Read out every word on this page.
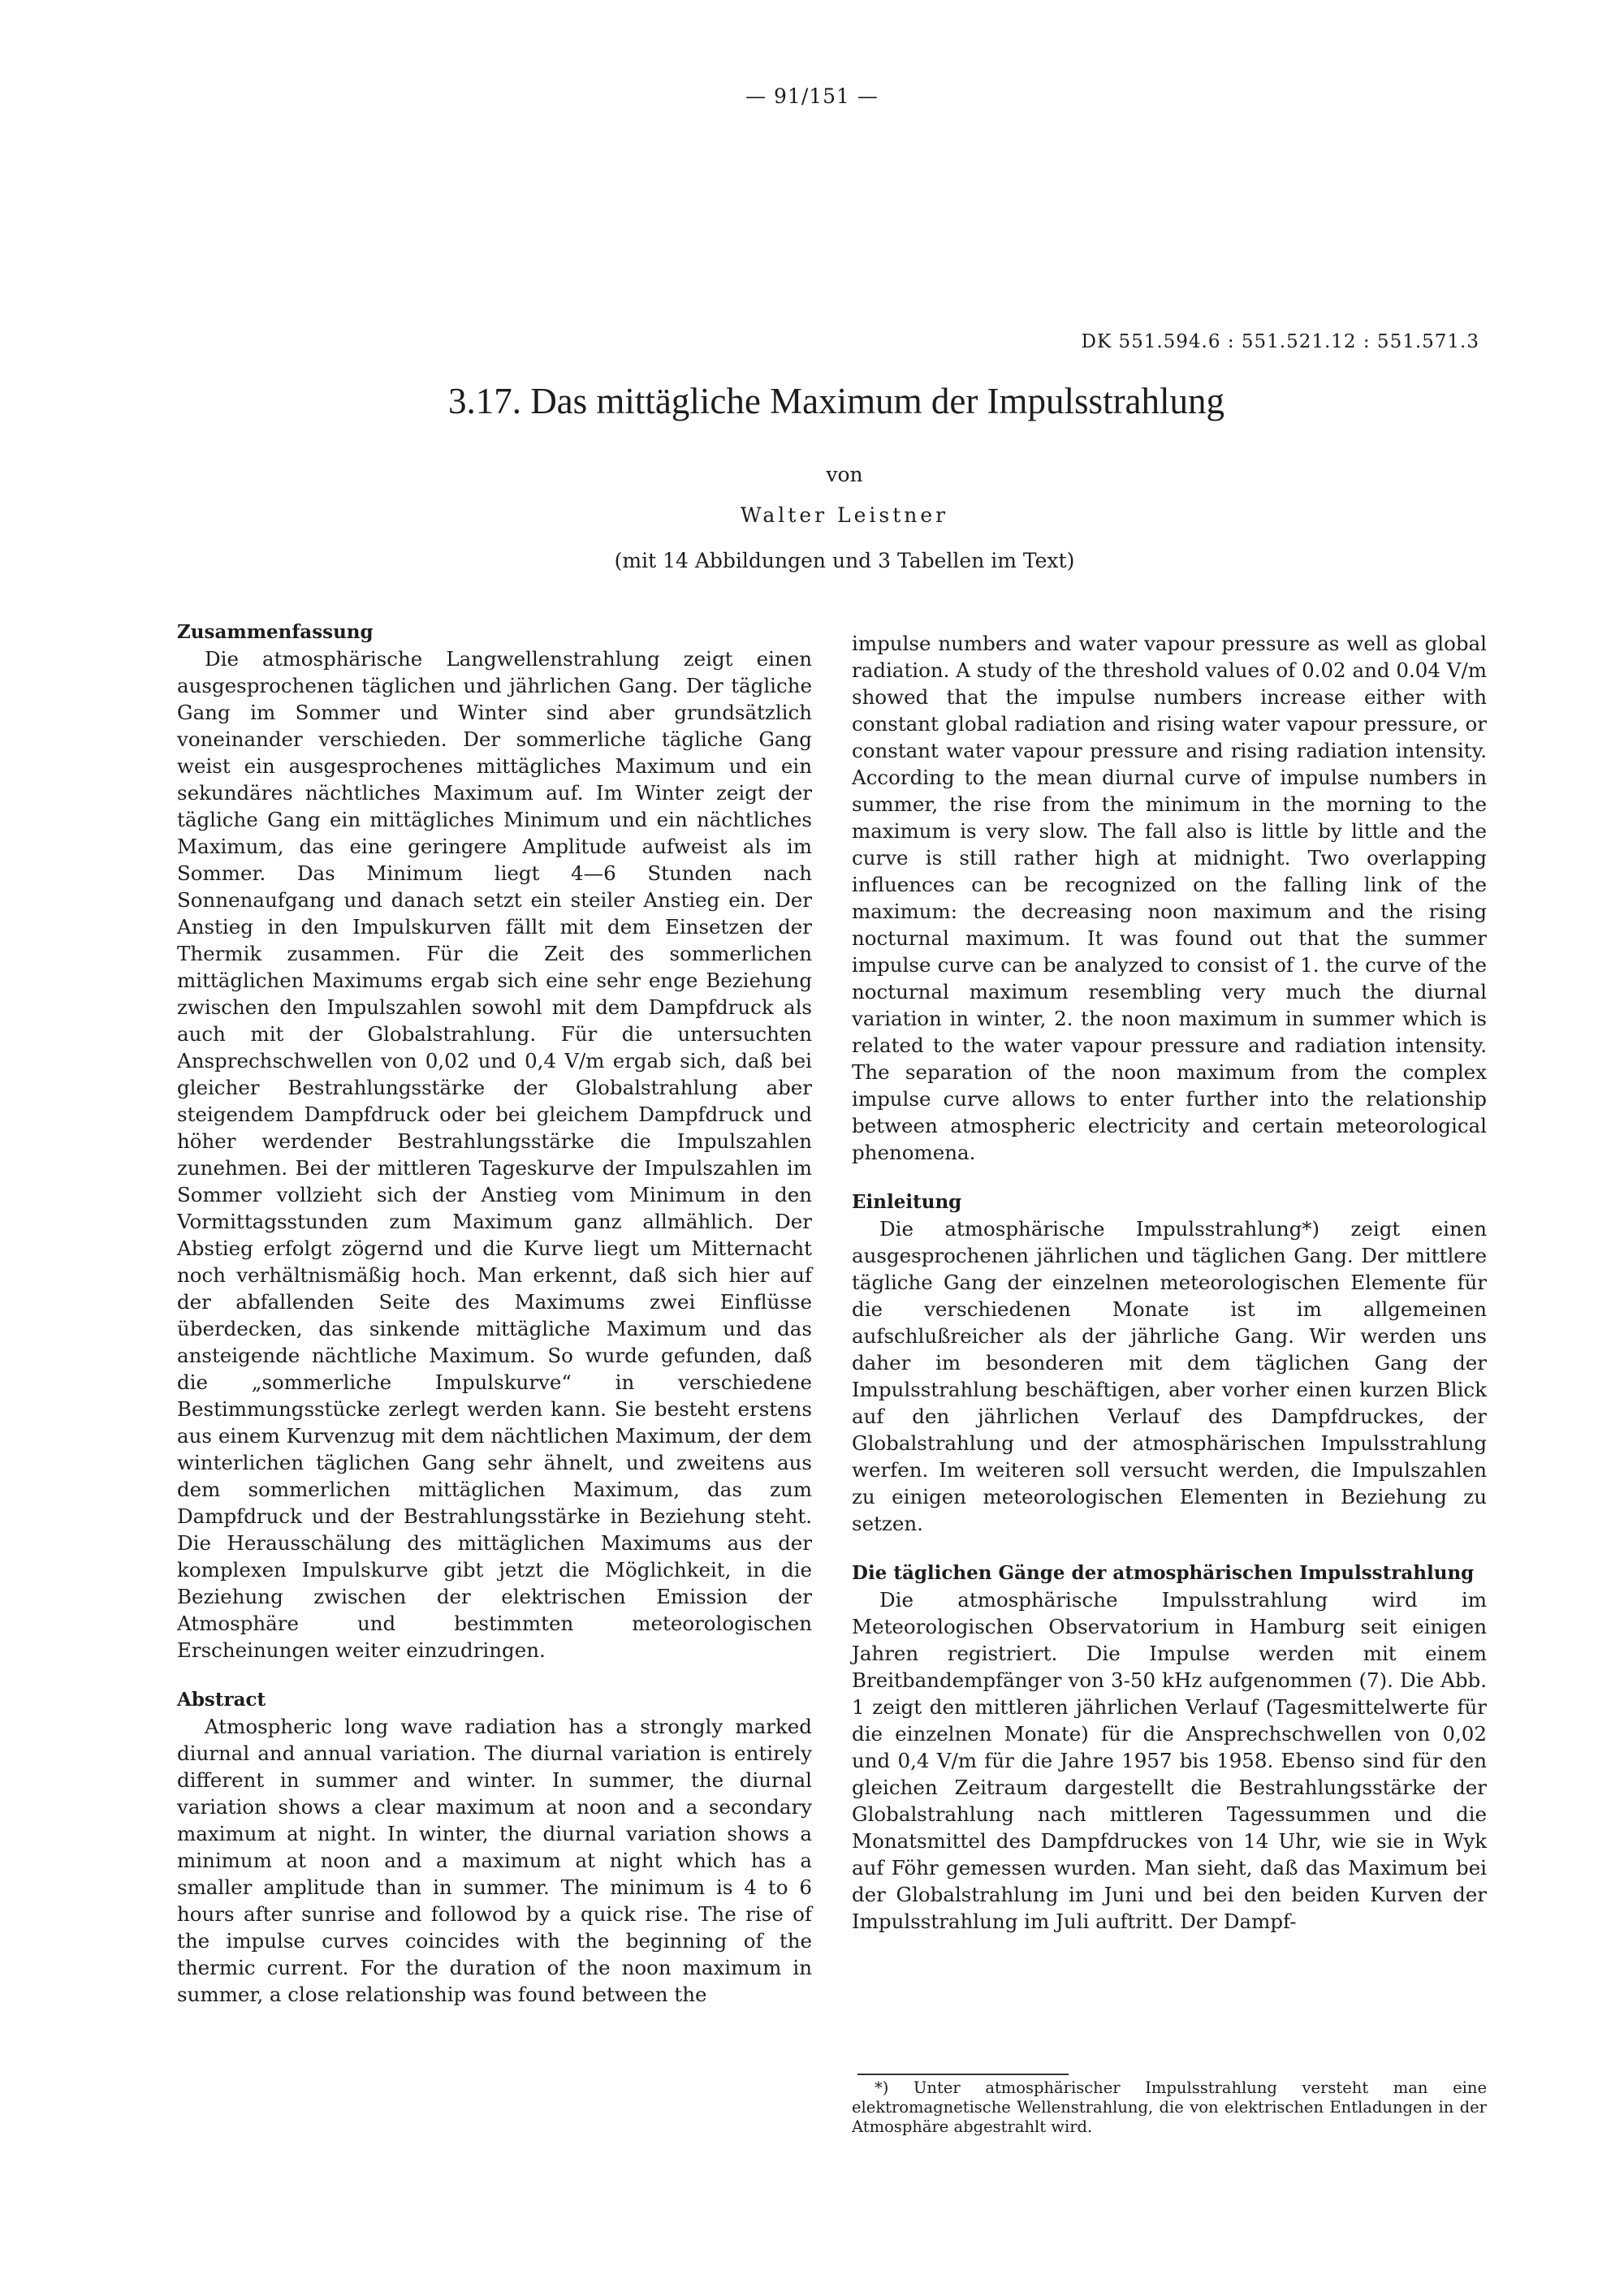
— 91/151 —
DK 551.594.6 : 551.521.12 : 551.571.3
3.17. Das mittägliche Maximum der Impulsstrahlung
von
Walter Leistner
(mit 14 Abbildungen und 3 Tabellen im Text)
Zusammenfassung

Die atmosphärische Langwellenstrahlung zeigt einen ausgesprochenen täglichen und jährlichen Gang. Der tägliche Gang im Sommer und Winter sind aber grundsätzlich voneinander verschieden. Der sommerliche tägliche Gang weist ein ausgesprochenes mittägliches Maximum und ein sekundäres nächtliches Maximum auf. Im Winter zeigt der tägliche Gang ein mittägliches Minimum und ein nächtliches Maximum, das eine geringere Amplitude aufweist als im Sommer. Das Minimum liegt 4—6 Stunden nach Sonnenaufgang und danach setzt ein steiler Anstieg ein. Der Anstieg in den Impulskurven fällt mit dem Einsetzen der Thermik zusammen. Für die Zeit des sommerlichen mittäglichen Maximums ergab sich eine sehr enge Beziehung zwischen den Impulszahlen sowohl mit dem Dampfdruck als auch mit der Globalstrahlung. Für die untersuchten Ansprechschwellen von 0,02 und 0,4 V/m ergab sich, daß bei gleicher Bestrahlungsstärke der Globalstrahlung aber steigendem Dampfdruck oder bei gleichem Dampfdruck und höher werdender Bestrahlungsstärke die Impulszahlen zunehmen. Bei der mittleren Tageskurve der Impulszahlen im Sommer vollzieht sich der Anstieg vom Minimum in den Vormittagsstunden zum Maximum ganz allmählich. Der Abstieg erfolgt zögernd und die Kurve liegt um Mitternacht noch verhältnismäßig hoch. Man erkennt, daß sich hier auf der abfallenden Seite des Maximums zwei Einflüsse überdecken, das sinkende mittägliche Maximum und das ansteigende nächtliche Maximum. So wurde gefunden, daß die „sommerliche Impulskurve“ in verschiedene Bestimmungsstücke zerlegt werden kann. Sie besteht erstens aus einem Kurvenzug mit dem nächtlichen Maximum, der dem winterlichen täglichen Gang sehr ähnelt, und zweitens aus dem sommerlichen mittäglichen Maximum, das zum Dampfdruck und der Bestrahlungsstärke in Beziehung steht. Die Herausschälung des mittäglichen Maximums aus der komplexen Impulskurve gibt jetzt die Möglichkeit, in die Beziehung zwischen der elektrischen Emission der Atmosphäre und bestimmten meteorologischen Erscheinungen weiter einzudringen.

Abstract

Atmospheric long wave radiation has a strongly marked diurnal and annual variation. The diurnal variation is entirely different in summer and winter. In summer, the diurnal variation shows a clear maximum at noon and a secondary maximum at night. In winter, the diurnal variation shows a minimum at noon and a maximum at night which has a smaller amplitude than in summer. The minimum is 4 to 6 hours after sunrise and followod by a quick rise. The rise of the impulse curves coincides with the beginning of the thermic current. For the duration of the noon maximum in summer, a close relationship was found between the

impulse numbers and water vapour pressure as well as global radiation. A study of the threshold values of 0.02 and 0.04 V/m showed that the impulse numbers increase either with constant global radiation and rising water vapour pressure, or constant water vapour pressure and rising radiation intensity. According to the mean diurnal curve of impulse numbers in summer, the rise from the minimum in the morning to the maximum is very slow. The fall also is little by little and the curve is still rather high at midnight. Two overlapping influences can be recognized on the falling link of the maximum: the decreasing noon maximum and the rising nocturnal maximum. It was found out that the summer impulse curve can be analyzed to consist of 1. the curve of the nocturnal maximum resembling very much the diurnal variation in winter, 2. the noon maximum in summer which is related to the water vapour pressure and radiation intensity. The separation of the noon maximum from the complex impulse curve allows to enter further into the relationship between atmospheric electricity and certain meteorological phenomena.

Einleitung

Die atmosphärische Impulsstrahlung*) zeigt einen ausgesprochenen jährlichen und täglichen Gang. Der mittlere tägliche Gang der einzelnen meteorologischen Elemente für die verschiedenen Monate ist im allgemeinen aufschlußreicher als der jährliche Gang. Wir werden uns daher im besonderen mit dem täglichen Gang der Impulsstrahlung beschäftigen, aber vorher einen kurzen Blick auf den jährlichen Verlauf des Dampfdruckes, der Globalstrahlung und der atmosphärischen Impulsstrahlung werfen. Im weiteren soll versucht werden, die Impulszahlen zu einigen meteorologischen Elementen in Beziehung zu setzen.

Die täglichen Gänge der atmosphärischen Impulsstrahlung

Die atmosphärische Impulsstrahlung wird im Meteorologischen Observatorium in Hamburg seit einigen Jahren registriert. Die Impulse werden mit einem Breitbandempfänger von 3-50 kHz aufgenommen (7). Die Abb. 1 zeigt den mittleren jährlichen Verlauf (Tagesmittelwerte für die einzelnen Monate) für die Ansprechschwellen von 0,02 und 0,4 V/m für die Jahre 1957 bis 1958. Ebenso sind für den gleichen Zeitraum dargestellt die Bestrahlungsstärke der Globalstrahlung nach mittleren Tagessummen und die Monatsmittel des Dampfdruckes von 14 Uhr, wie sie in Wyk auf Föhr gemessen wurden. Man sieht, daß das Maximum bei der Globalstrahlung im Juni und bei den beiden Kurven der Impulsstrahlung im Juli auftritt. Der Dampf-

*) Unter atmosphärischer Impulsstrahlung versteht man eine elektromagnetische Wellenstrahlung, die von elektrischen Entladungen in der Atmosphäre abgestrahlt wird.
